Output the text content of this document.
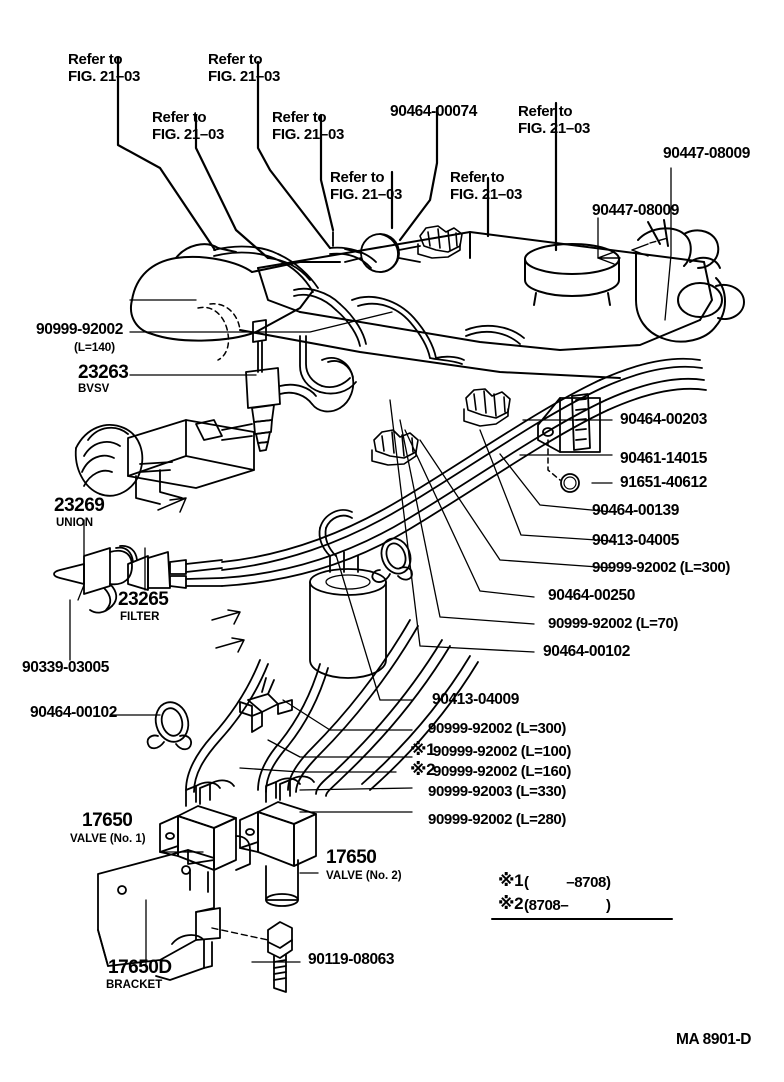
Refer to
FIG. 21–03

Refer to
FIG. 21–03

Refer to
FIG. 21–03

Refer to
FIG. 21–03

Refer to
FIG. 21–03

Refer to
FIG. 21–03

Refer to
FIG. 21–03

90464-00074
90447-08009
90447-08009
90999-92002
(L=140)
23263
BVSV
23269
UNION
23265
FILTER
90339-03005
90464-00102
90464-00203
90461-14015
91651-40612
90464-00139
90413-04005
90999-92002 (L=300)
90464-00250
90999-92002 (L=70)
90464-00102
90413-04009
90999-92002 (L=300)
※1
90999-92002 (L=100)
※2
90999-92002 (L=160)
90999-92003 (L=330)
90999-92002 (L=280)
17650
VALVE (No. 1)
17650
VALVE (No. 2)
17650D
BRACKET
90119-08063
※1 (          –8708)
※2 (8708–          )
MA 8901-D
